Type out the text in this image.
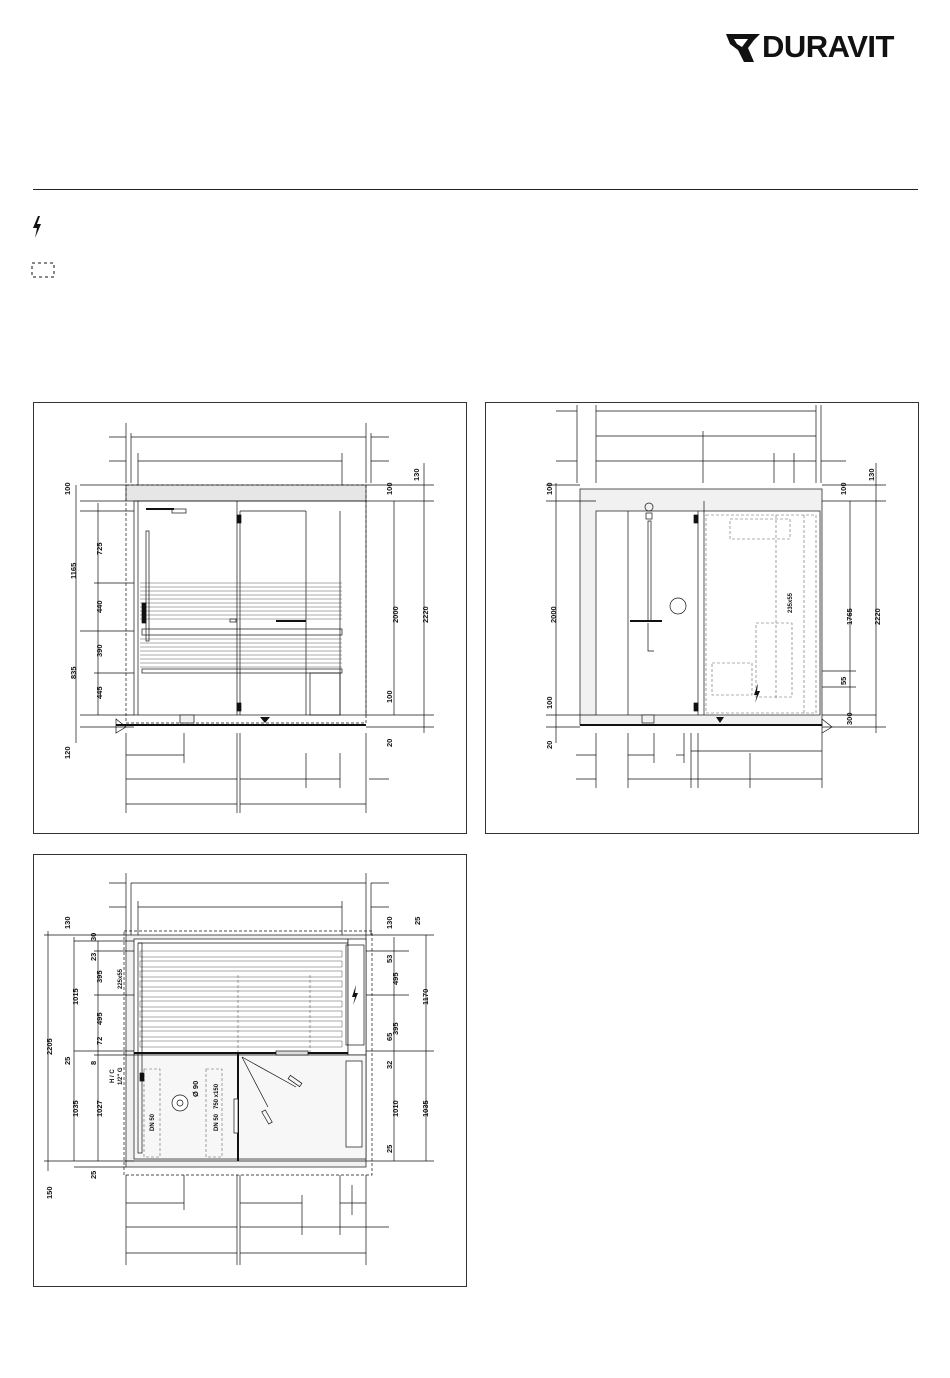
DURAVIT
100
1165
725
440
390
835
445
120
130
100
2000	2220
100
20
100
2000
100
20
130
100
1765	2220
55
300
235x55
130
30
23
395
1015
495
72
2205
25 8
1035 1027
25
150
130	25
53
495
1170
65
395
32
1010	1035
25
225x55
H / C 1/2" G
Ø 90
DN 50	DN 50
750 x150
